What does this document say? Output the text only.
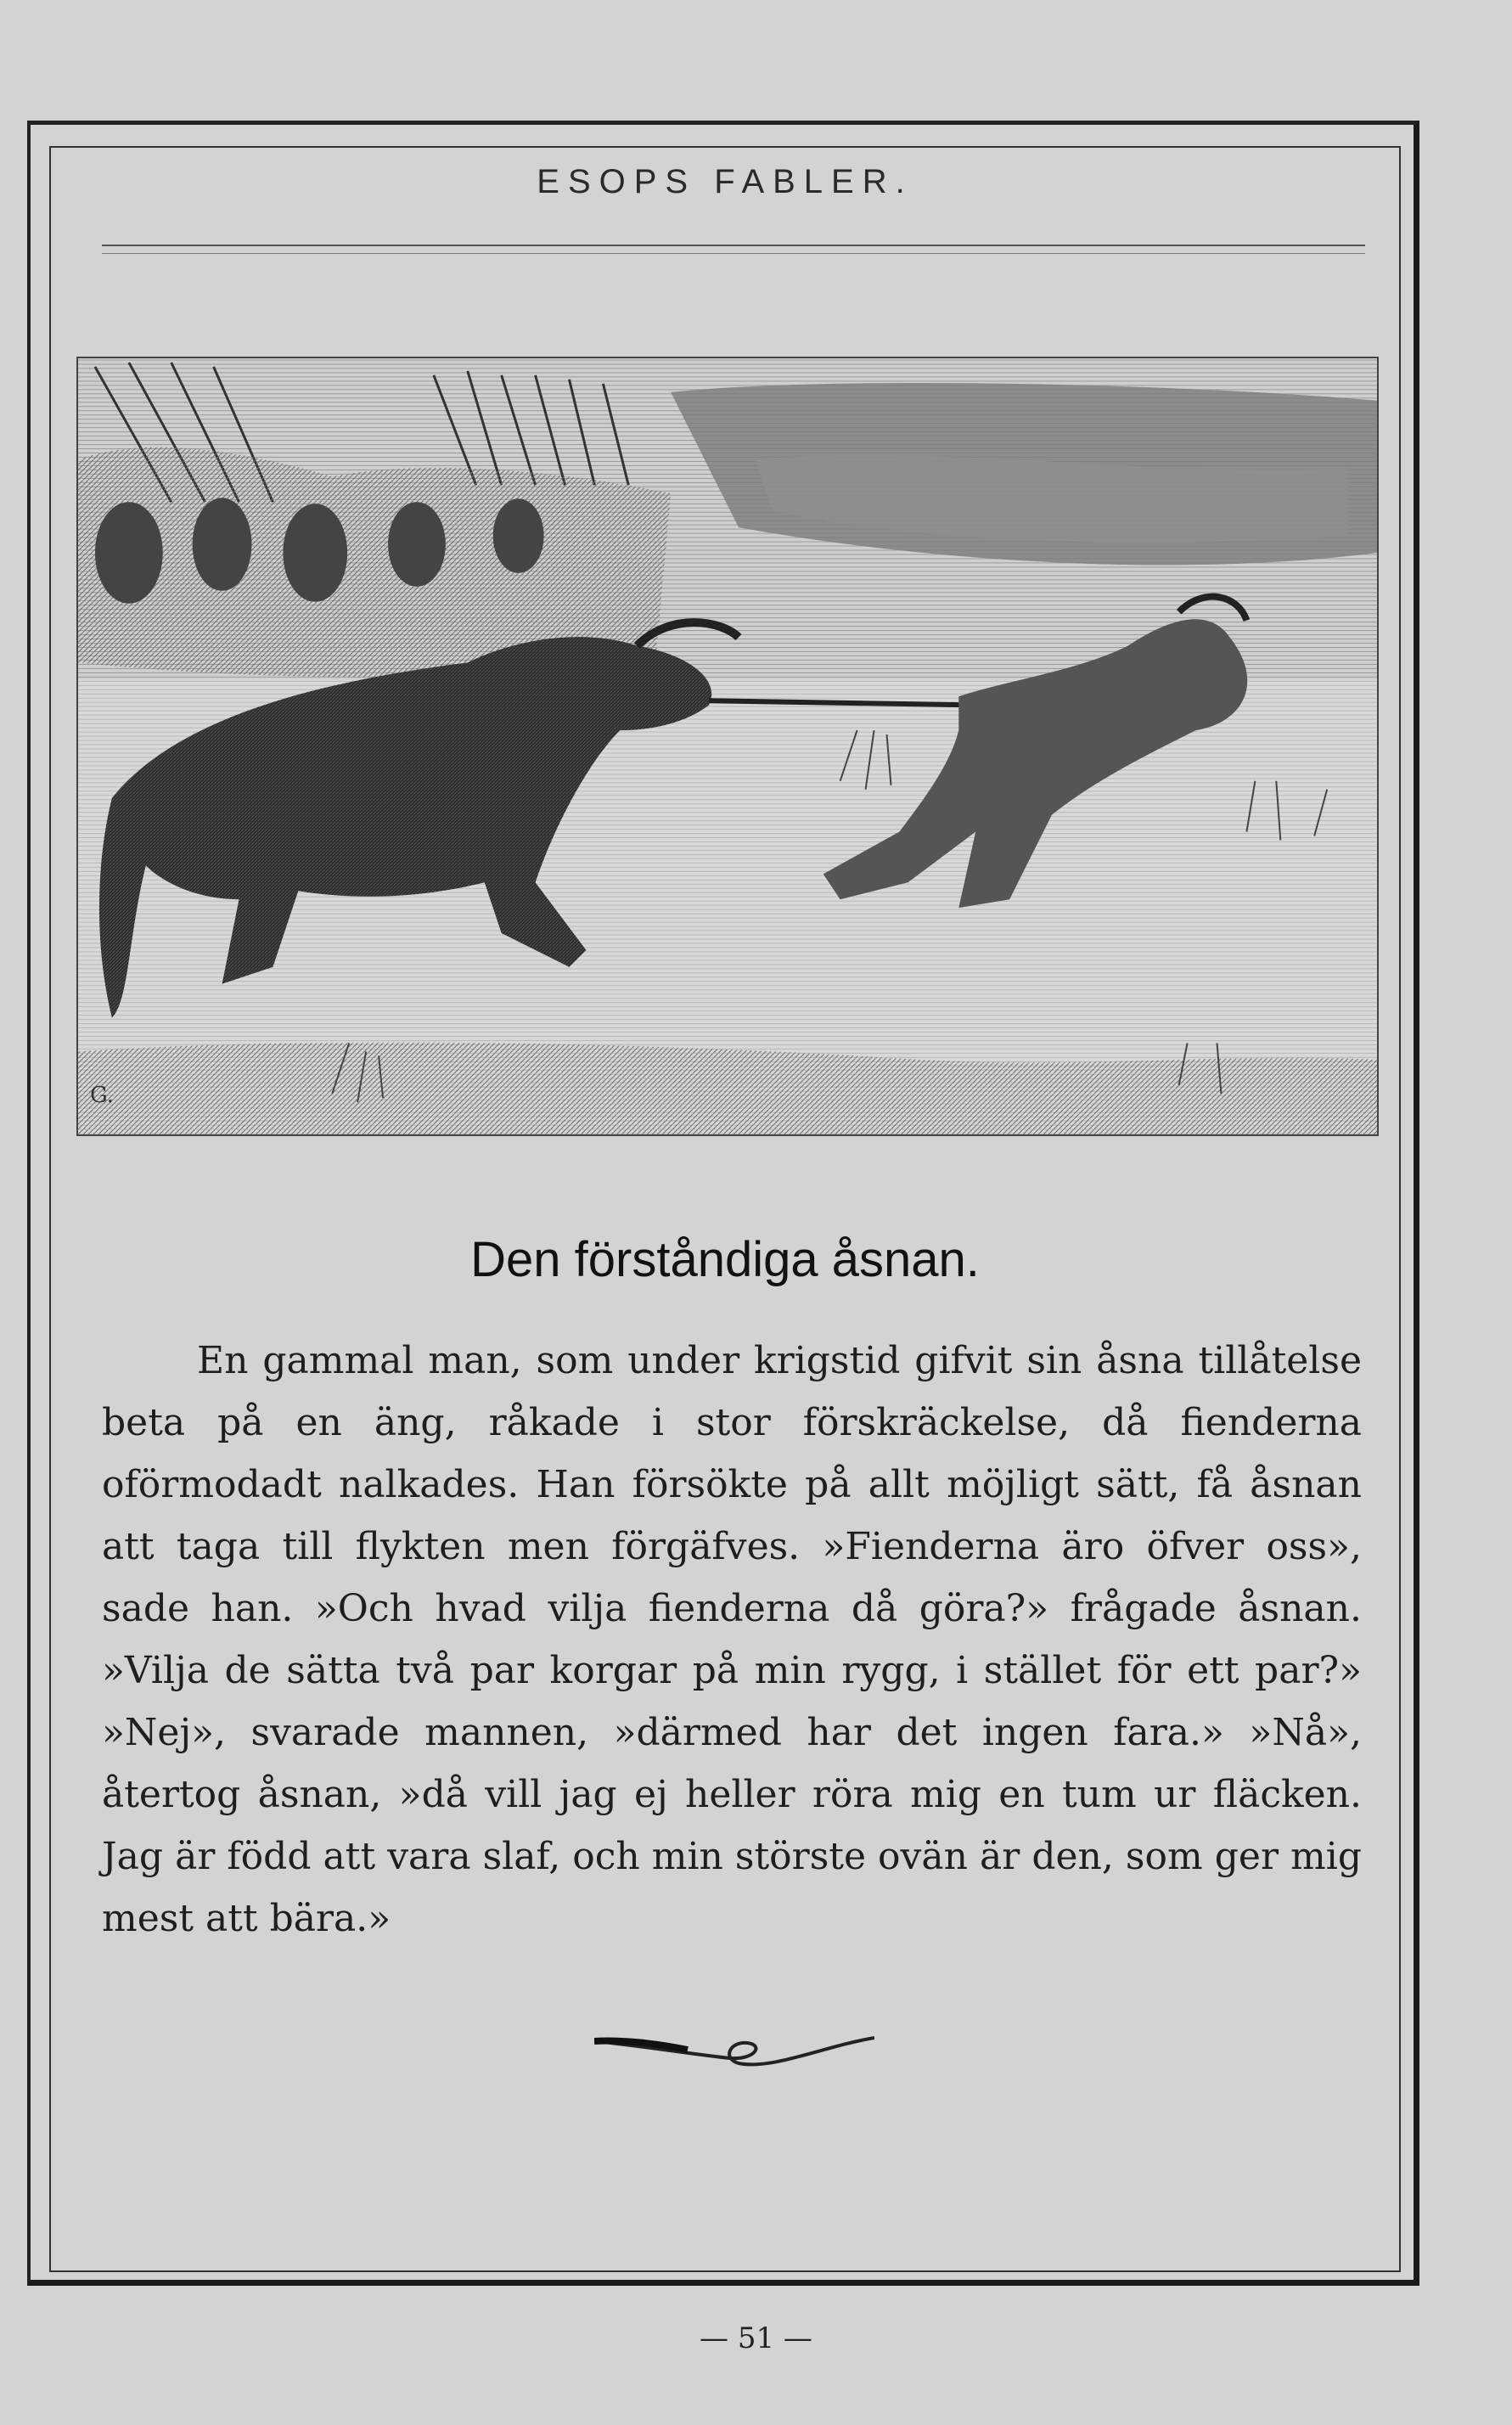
ESOPS FABLER.
G.
Den förståndiga åsnan.
En gammal man, som under krigstid gifvit sin åsna tillåtelse beta på en äng, råkade i stor förskräckelse, då fienderna oförmodadt nalkades. Han försökte på allt möjligt sätt, få åsnan att taga till flykten men förgäfves. »Fienderna äro öfver oss», sade han. »Och hvad vilja fienderna då göra?» frågade åsnan. »Vilja de sätta två par korgar på min rygg, i stället för ett par?» »Nej», svarade mannen, »därmed har det ingen fara.» »Nå», återtog åsnan, »då vill jag ej heller röra mig en tum ur fläcken. Jag är född att vara slaf, och min störste ovän är den, som ger mig mest att bära.»
— 51 —
